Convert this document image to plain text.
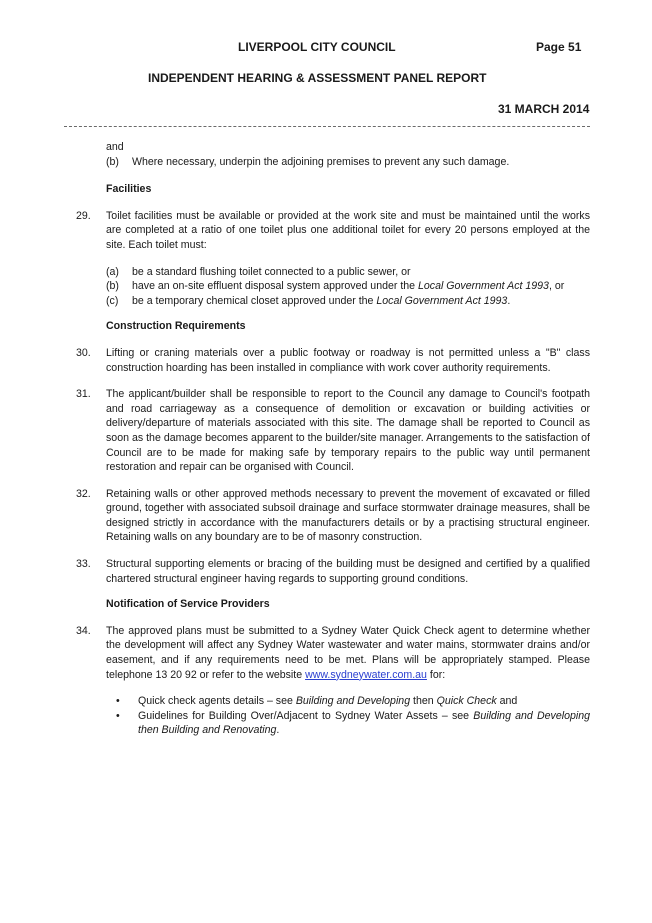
LIVERPOOL CITY COUNCIL	Page 51
INDEPENDENT HEARING & ASSESSMENT PANEL REPORT
31 MARCH 2014
and
(b)	Where necessary, underpin the adjoining premises to prevent any such damage.
Facilities
29.	Toilet facilities must be available or provided at the work site and must be maintained until the works are completed at a ratio of one toilet plus one additional toilet for every 20 persons employed at the site. Each toilet must:
(a)	be a standard flushing toilet connected to a public sewer, or
(b)	have an on-site effluent disposal system approved under the Local Government Act 1993, or
(c)	be a temporary chemical closet approved under the Local Government Act 1993.
Construction Requirements
30.	Lifting or craning materials over a public footway or roadway is not permitted unless a "B" class construction hoarding has been installed in compliance with work cover authority requirements.
31.	The applicant/builder shall be responsible to report to the Council any damage to Council's footpath and road carriageway as a consequence of demolition or excavation or building activities or delivery/departure of materials associated with this site. The damage shall be reported to Council as soon as the damage becomes apparent to the builder/site manager. Arrangements to the satisfaction of Council are to be made for making safe by temporary repairs to the public way until permanent restoration and repair can be organised with Council.
32.	Retaining walls or other approved methods necessary to prevent the movement of excavated or filled ground, together with associated subsoil drainage and surface stormwater drainage measures, shall be designed strictly in accordance with the manufacturers details or by a practising structural engineer. Retaining walls on any boundary are to be of masonry construction.
33.	Structural supporting elements or bracing of the building must be designed and certified by a qualified chartered structural engineer having regards to supporting ground conditions.
Notification of Service Providers
34.	The approved plans must be submitted to a Sydney Water Quick Check agent to determine whether the development will affect any Sydney Water wastewater and water mains, stormwater drains and/or easement, and if any requirements need to be met. Plans will be appropriately stamped. Please telephone 13 20 92 or refer to the website www.sydneywater.com.au for:
•	Quick check agents details – see Building and Developing then Quick Check and
•	Guidelines for Building Over/Adjacent to Sydney Water Assets – see Building and Developing then Building and Renovating.
